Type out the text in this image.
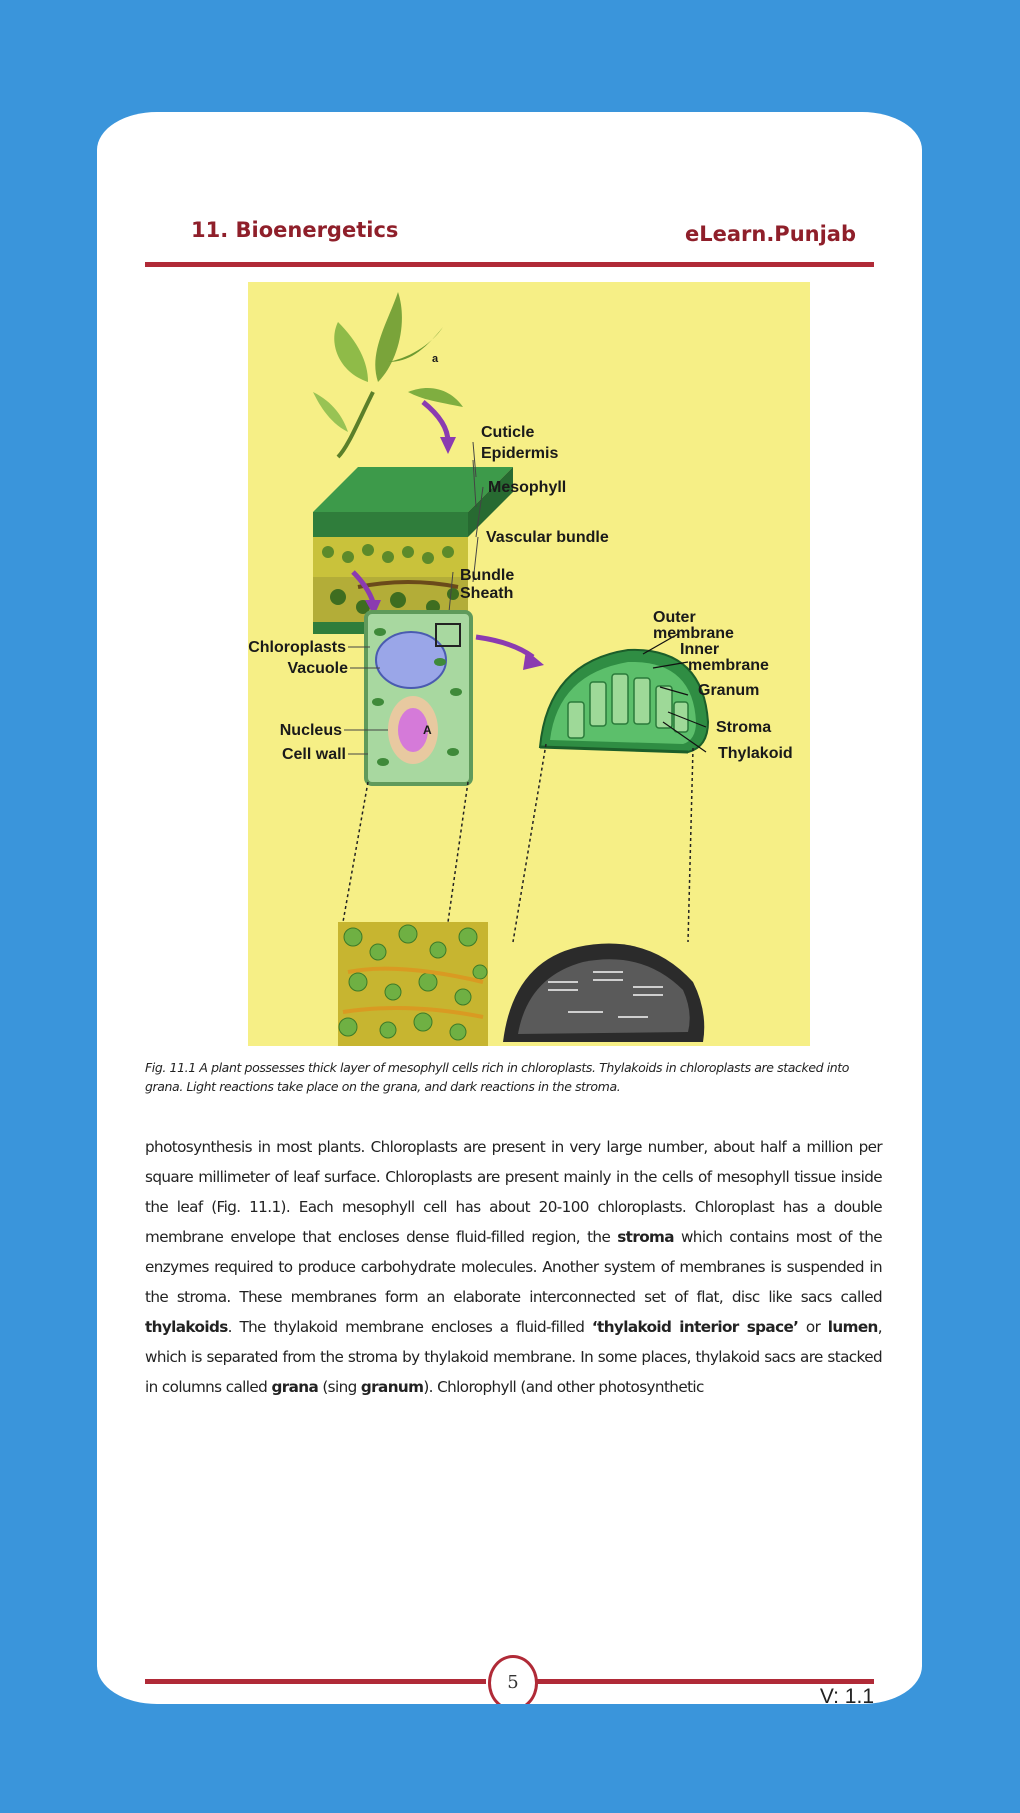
11. Bioenergetics	eLearn.Punjab
a
Cuticle
Epidermis
Mesophyll
Vascular bundle
Bundle
Sheath
A
Chloroplasts
Vacuole
Nucleus
Cell wall
Outer
membrane
Inner
membrane
Granum
Stroma
Thylakoid
Fig. 11.1 A plant possesses thick layer of mesophyll cells rich in chloroplasts. Thylakoids in chloroplasts are stacked into grana. Light reactions take place on the grana, and dark reactions in the stroma.
photosynthesis in most plants. Chloroplasts are present in very large number, about half a million per square millimeter of leaf surface. Chloroplasts are present mainly in the cells of mesophyll tissue inside the leaf (Fig. 11.1). Each mesophyll cell has about 20-100 chloroplasts. Chloroplast has a double membrane envelope that encloses dense fluid-filled region, the stroma which contains most of the enzymes required to produce carbohydrate molecules. Another system of membranes is suspended in the stroma. These membranes form an elaborate interconnected set of flat, disc like sacs called thylakoids. The thylakoid membrane encloses a fluid-filled ‘thylakoid interior space’ or lumen, which is separated from the stroma by thylakoid membrane. In some places, thylakoid sacs are stacked in columns called grana (sing granum). Chlorophyll (and other photosynthetic
5
V: 1.1
